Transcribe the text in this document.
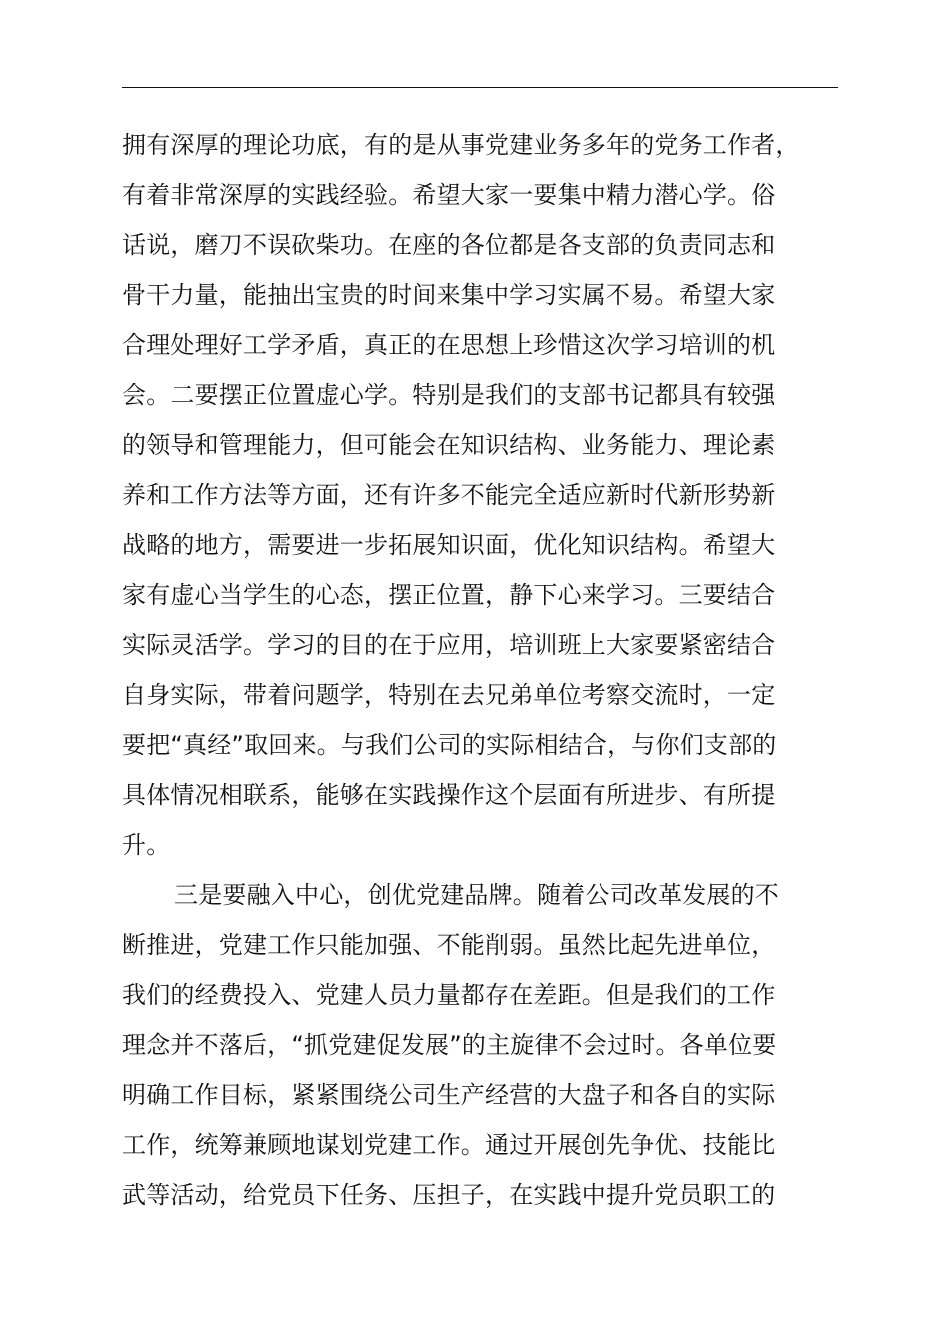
拥有深厚的理论功底，有的是从事党建业务多年的党务工作者，
有着非常深厚的实践经验。希望大家一要集中精力潜心学。俗
话说，磨刀不误砍柴功。在座的各位都是各支部的负责同志和
骨干力量，能抽出宝贵的时间来集中学习实属不易。希望大家
合理处理好工学矛盾，真正的在思想上珍惜这次学习培训的机
会。二要摆正位置虚心学。特别是我们的支部书记都具有较强
的领导和管理能力，但可能会在知识结构、业务能力、理论素
养和工作方法等方面，还有许多不能完全适应新时代新形势新
战略的地方，需要进一步拓展知识面，优化知识结构。希望大
家有虚心当学生的心态，摆正位置，静下心来学习。三要结合
实际灵活学。学习的目的在于应用，培训班上大家要紧密结合
自身实际，带着问题学，特别在去兄弟单位考察交流时，一定
要把“真经”取回来。与我们公司的实际相结合，与你们支部的
具体情况相联系，能够在实践操作这个层面有所进步、有所提
升。
三是要融入中心，创优党建品牌。随着公司改革发展的不
断推进，党建工作只能加强、不能削弱。虽然比起先进单位，
我们的经费投入、党建人员力量都存在差距。但是我们的工作
理念并不落后，“抓党建促发展”的主旋律不会过时。各单位要
明确工作目标，紧紧围绕公司生产经营的大盘子和各自的实际
工作，统筹兼顾地谋划党建工作。通过开展创先争优、技能比
武等活动，给党员下任务、压担子，在实践中提升党员职工的
